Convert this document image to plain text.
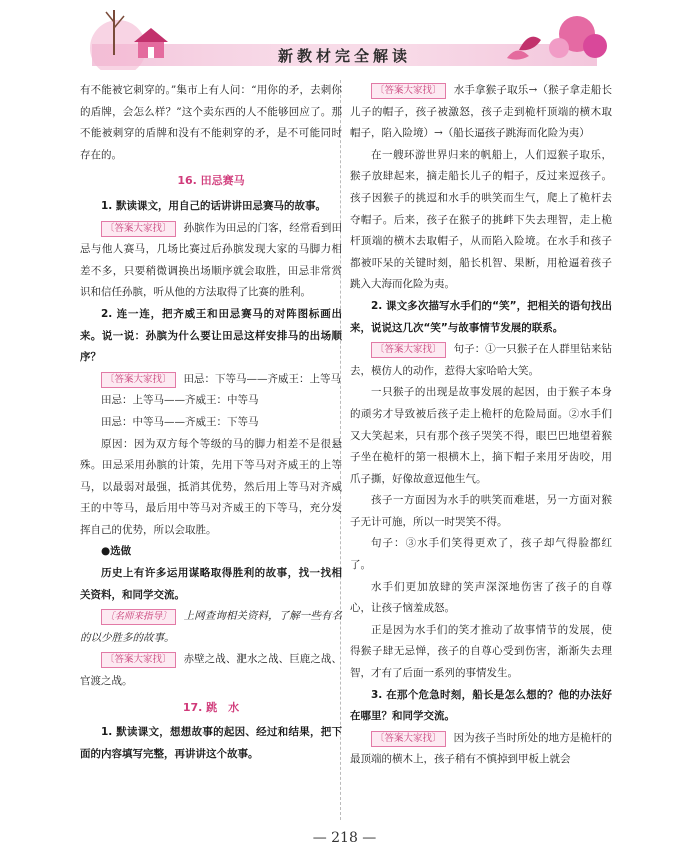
新教材完全解读

有不能被它刺穿的。”集市上有人问：“用你的矛，去刺你的盾牌，会怎么样？”这个卖东西的人不能够回应了。那不能被刺穿的盾牌和没有不能刺穿的矛，是不可能同时存在的。

16. 田忌赛马

1. 默读课文，用自己的话讲讲田忌赛马的故事。

〔答案大家找〕 孙膑作为田忌的门客，经常看到田忌与他人赛马，几场比赛过后孙膑发现大家的马脚力相差不多，只要稍微调换出场顺序就会取胜，田忌非常赏识和信任孙膑，听从他的方法取得了比赛的胜利。

2. 连一连，把齐威王和田忌赛马的对阵图标画出来。说一说：孙膑为什么要让田忌这样安排马的出场顺序？

〔答案大家找〕 田忌：下等马——齐威王：上等马

田忌：上等马——齐威王：中等马

田忌：中等马——齐威王：下等马

原因：因为双方每个等级的马的脚力相差不是很悬殊。田忌采用孙膑的计策，先用下等马对齐威王的上等马，以最弱对最强，抵消其优势，然后用上等马对齐威王的中等马，最后用中等马对齐威王的下等马，充分发挥自己的优势，所以会取胜。

●选做

历史上有许多运用谋略取得胜利的故事，找一找相关资料，和同学交流。

〔名师来指导〕 上网查询相关资料，了解一些有名的以少胜多的故事。

〔答案大家找〕 赤壁之战、淝水之战、巨鹿之战、官渡之战。

17. 跳　水

1. 默读课文，想想故事的起因、经过和结果，把下面的内容填写完整，再讲讲这个故事。

〔答案大家找〕 水手拿猴子取乐→（猴子拿走船长儿子的帽子，孩子被激怒，孩子走到桅杆顶端的横木取帽子，陷入险境）→（船长逼孩子跳海而化险为夷）

在一艘环游世界归来的帆船上，人们逗猴子取乐，猴子放肆起来，摘走船长儿子的帽子，反过来逗孩子。孩子因猴子的挑逗和水手的哄笑而生气，爬上了桅杆去夺帽子。后来，孩子在猴子的挑衅下失去理智，走上桅杆顶端的横木去取帽子，从而陷入险境。在水手和孩子都被吓呆的关键时刻，船长机智、果断，用枪逼着孩子跳入大海而化险为夷。

2. 课文多次描写水手们的“笑”，把相关的语句找出来，说说这几次“笑”与故事情节发展的联系。

〔答案大家找〕 句子：①一只猴子在人群里钻来钻去，模仿人的动作，惹得大家哈哈大笑。

一只猴子的出现是故事发展的起因，由于猴子本身的顽劣才导致被后孩子走上桅杆的危险局面。②水手们又大笑起来，只有那个孩子哭笑不得，眼巴巴地望着猴子坐在桅杆的第一根横木上，摘下帽子来用牙齿咬，用爪子撕，好像故意逗他生气。

孩子一方面因为水手的哄笑而难堪，另一方面对猴子无计可施，所以一时哭笑不得。

句子：③水手们笑得更欢了，孩子却气得脸都红了。

水手们更加放肆的笑声深深地伤害了孩子的自尊心，让孩子恼羞成怒。

正是因为水手们的笑才推动了故事情节的发展，使得猴子肆无忌惮，孩子的自尊心受到伤害，渐渐失去理智，才有了后面一系列的事情发生。

3. 在那个危急时刻，船长是怎么想的？他的办法好在哪里？和同学交流。

〔答案大家找〕 因为孩子当时所处的地方是桅杆的最顶端的横木上，孩子稍有不慎掉到甲板上就会

— 218 —
